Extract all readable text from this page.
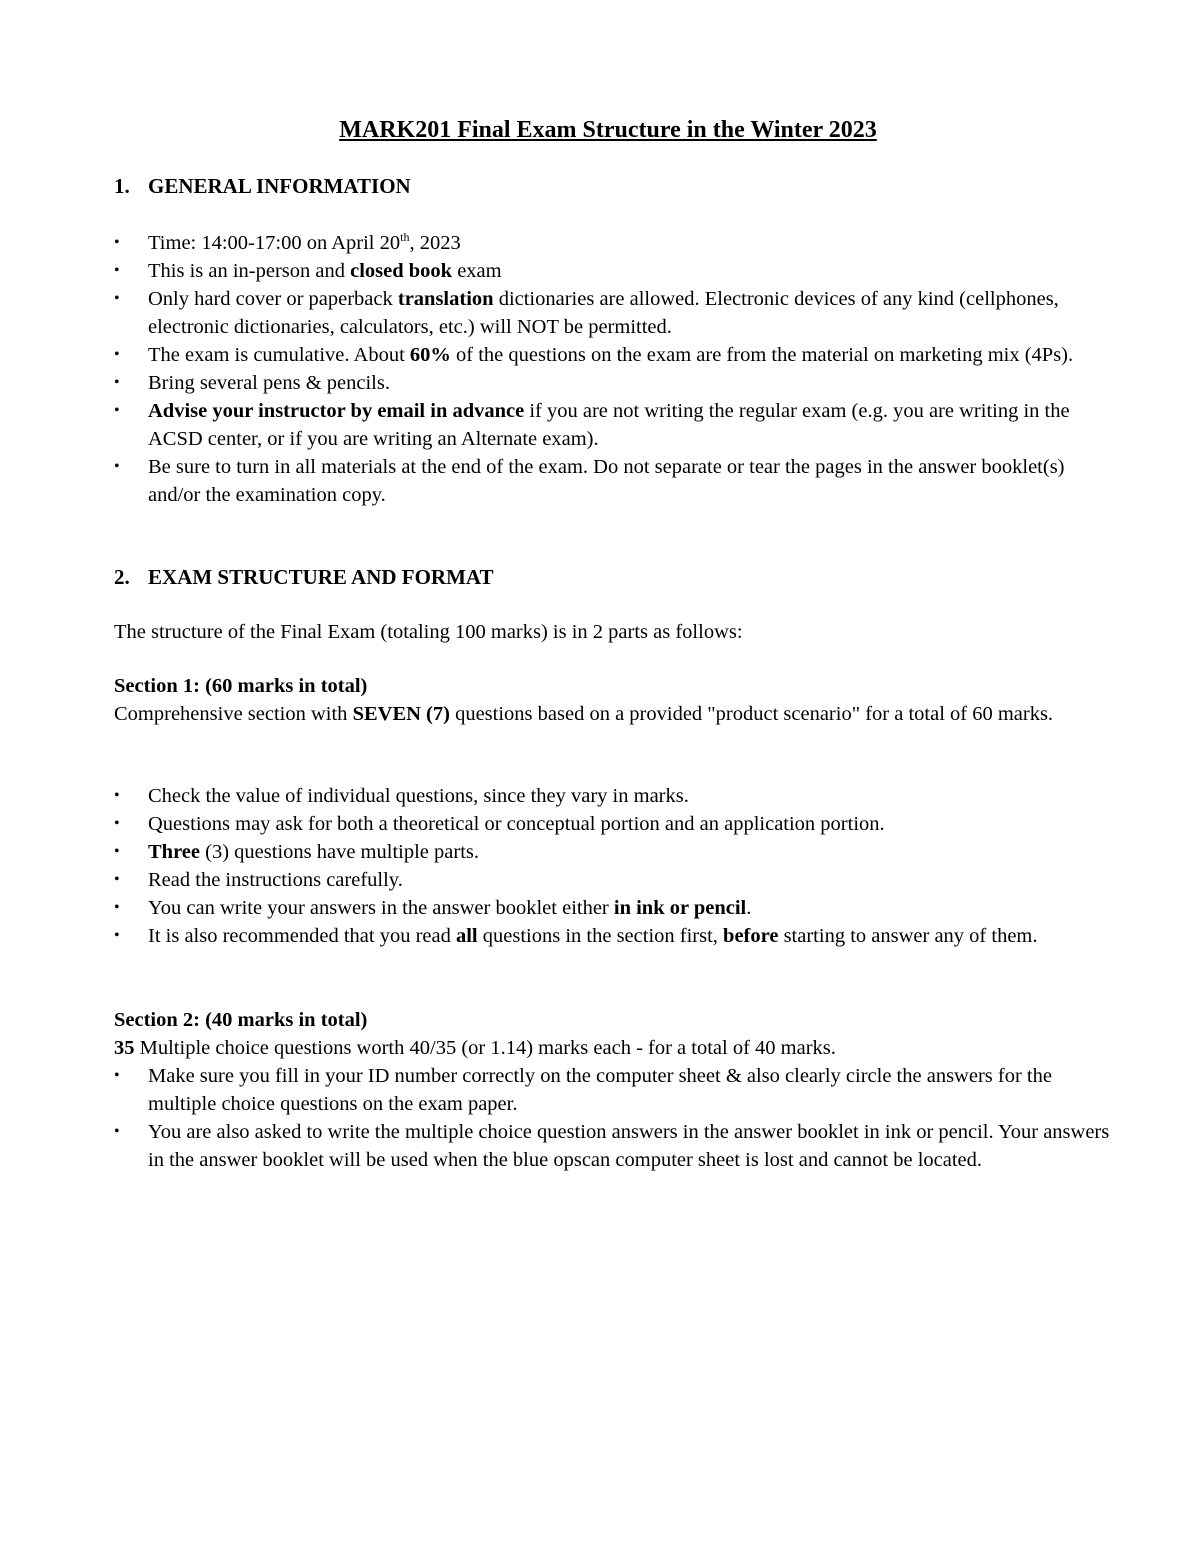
MARK201 Final Exam Structure in the Winter 2023
1. GENERAL INFORMATION
• Time: 14:00-17:00 on April 20th, 2023
• This is an in-person and closed book exam
• Only hard cover or paperback translation dictionaries are allowed. Electronic devices of any kind (cellphones, electronic dictionaries, calculators, etc.) will NOT be permitted.
• The exam is cumulative. About 60% of the questions on the exam are from the material on marketing mix (4Ps).
• Bring several pens & pencils.
• Advise your instructor by email in advance if you are not writing the regular exam (e.g. you are writing in the ACSD center, or if you are writing an Alternate exam).
• Be sure to turn in all materials at the end of the exam. Do not separate or tear the pages in the answer booklet(s) and/or the examination copy.
2. EXAM STRUCTURE AND FORMAT
The structure of the Final Exam (totaling 100 marks) is in 2 parts as follows:
Section 1: (60 marks in total)
Comprehensive section with SEVEN (7) questions based on a provided "product scenario" for a total of 60 marks.
• Check the value of individual questions, since they vary in marks.
• Questions may ask for both a theoretical or conceptual portion and an application portion.
• Three (3) questions have multiple parts.
• Read the instructions carefully.
• You can write your answers in the answer booklet either in ink or pencil.
• It is also recommended that you read all questions in the section first, before starting to answer any of them.
Section 2: (40 marks in total)
35 Multiple choice questions worth 40/35 (or 1.14) marks each - for a total of 40 marks.
• Make sure you fill in your ID number correctly on the computer sheet & also clearly circle the answers for the multiple choice questions on the exam paper.
• You are also asked to write the multiple choice question answers in the answer booklet in ink or pencil. Your answers in the answer booklet will be used when the blue opscan computer sheet is lost and cannot be located.
